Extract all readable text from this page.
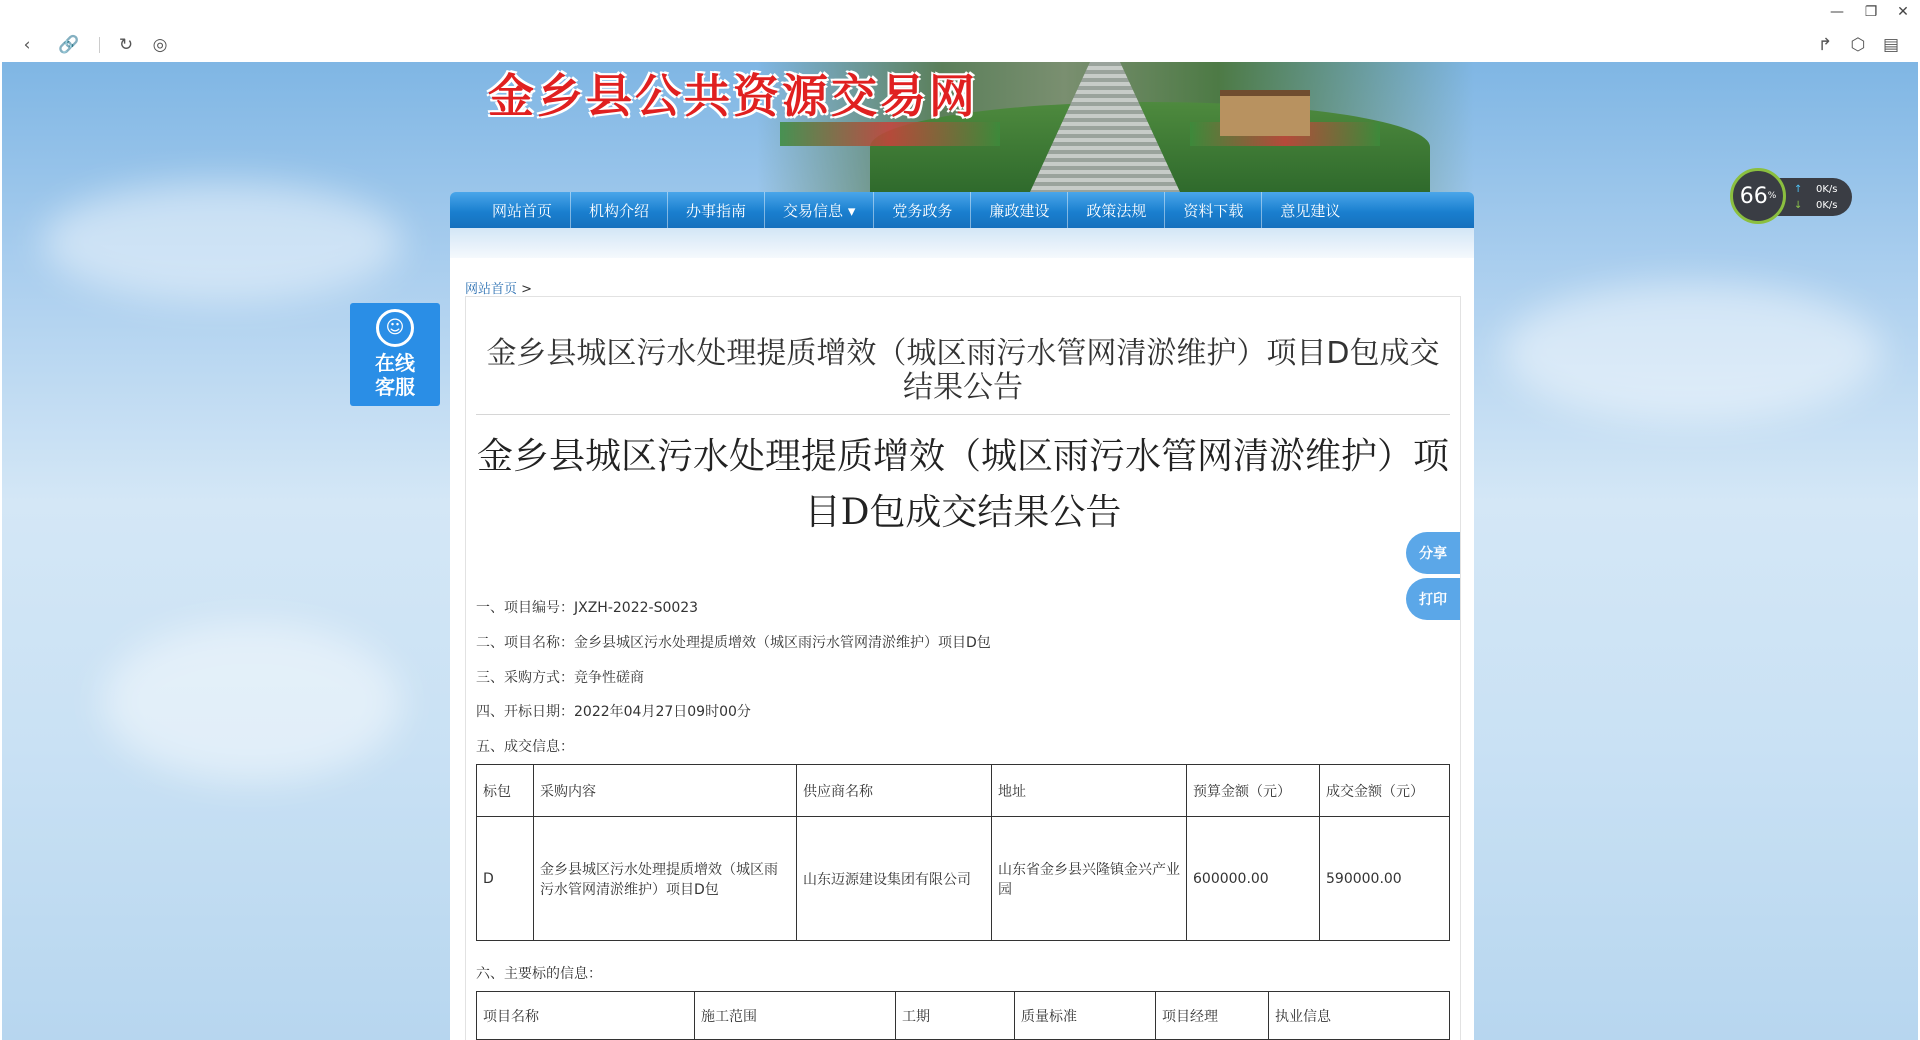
‹	🔗	↻	◎
—	❐	✕
↱	⬡	▤
金乡县公共资源交易网
网站首页	机构介绍	办事指南	交易信息 ▾	党务政务	廉政建设	政策法规	资料下载	意见建议
网站首页 >
金乡县城区污水处理提质增效（城区雨污水管网清淤维护）项目D包成交结果公告
金乡县城区污水处理提质增效（城区雨污水管网清淤维护）项目D包成交结果公告
一、项目编号：JXZH-2022-S0023
二、项目名称：金乡县城区污水处理提质增效（城区雨污水管网清淤维护）项目D包
三、采购方式：竞争性磋商
四、开标日期：2022年04月27日09时00分
五、成交信息：
标包	采购内容	供应商名称	地址	预算金额（元）	成交金额（元）
D	金乡县城区污水处理提质增效（城区雨污水管网清淤维护）项目D包	山东迈源建设集团有限公司	山东省金乡县兴隆镇金兴产业园	600000.00	590000.00
六、主要标的信息：
项目名称	施工范围	工期	质量标准	项目经理	执业信息
☺
在线
客服
分享
打印
↑ 0K/s
↓ 0K/s
66 %
